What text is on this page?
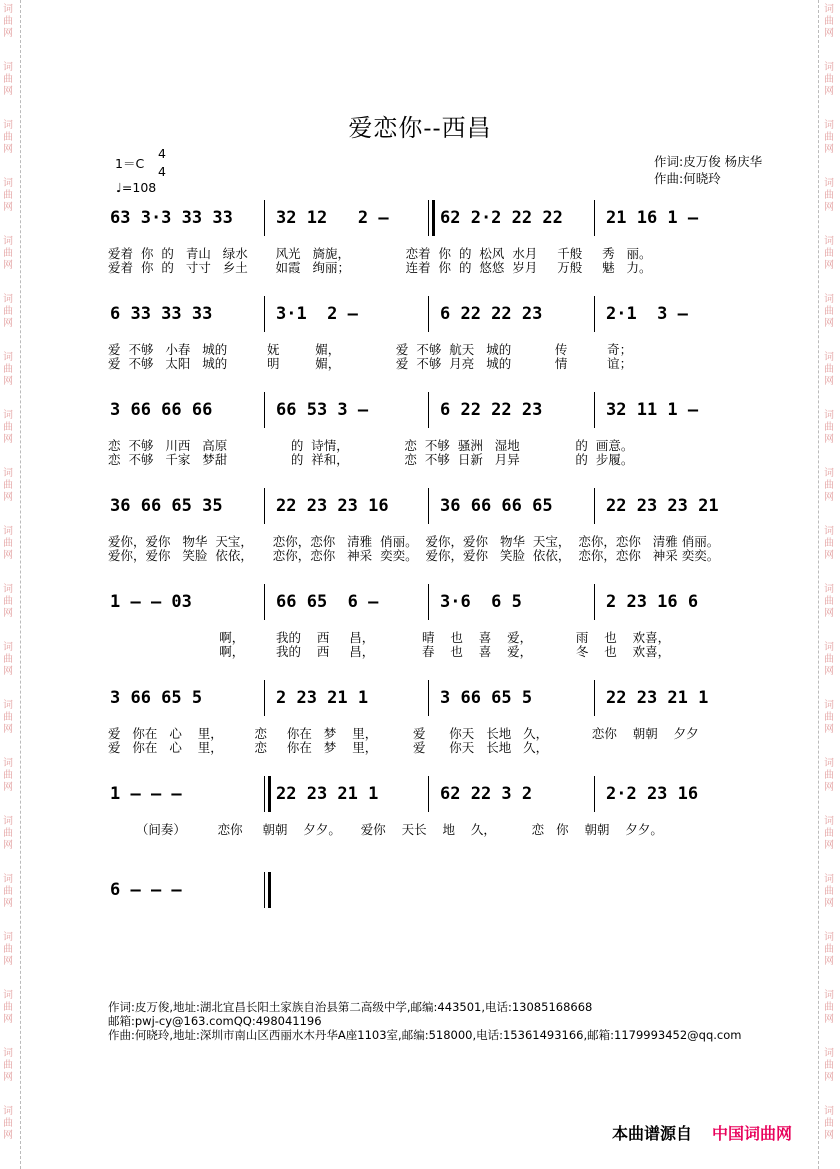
词曲网
词曲网
词曲网
词曲网
词曲网
词曲网
词曲网
词曲网
词曲网
词曲网
词曲网
词曲网
词曲网
词曲网
词曲网
词曲网
词曲网
词曲网
词曲网
词曲网
词曲网
词曲网
词曲网
词曲网
词曲网
词曲网
词曲网
词曲网
词曲网
词曲网
词曲网
词曲网
词曲网
词曲网
词曲网
词曲网
词曲网
词曲网
词曲网
词曲网
爱恋你--西昌
1＝C
4
4
♩=108
作词:皮万俊 杨庆华
作曲:何晓玲
63 3·3 33 33	32 12   2 –	62 2·2 22 22	21 16 1 –
爱着  你  的   青山   绿水       风光   旖旎，              恋着  你  的  松风  水月     千般     秀   丽。
爱着  你  的   寸寸   乡土       如霞   绚丽；              连着  你  的  悠悠  岁月     万般     魅   力。
6 33 33 33	3·1  2 –	6 22 22 23	2·1  3 –
爱  不够   小春   城的          妩         媚，              爱  不够  航天   城的           传          奇；
爱  不够   太阳   城的          明         媚，              爱  不够  月亮   城的           情          谊；
3 66 66 66	66 53 3 –	6 22 22 23	32 11 1 –
恋  不够   川西   高原                的  诗情，              恋  不够  骚洲   湿地              的  画意。
恋  不够   千家   梦甜                的  祥和，              恋  不够  日新   月异              的  步履。
36 66 65 35	22 23 23 16	36 66 66 65	22 23 23 21
爱你，爱你   物华  天宝，     恋你，恋你   清雅  俏丽。  爱你，爱你   物华  天宝，  恋你，恋你   清雅 俏丽。
爱你，爱你   笑脸  依依，     恋你，恋你   神采  奕奕。  爱你，爱你   笑脸  依依，  恋你，恋你   神采 奕奕。
1 – – 03	66 65  6 –	3·6  6 5	2 23 16 6
啊，        我的    西     昌，            晴    也    喜    爱，           雨    也    欢喜，
啊，        我的    西     昌，            春    也    喜    爱，           冬    也    欢喜，
3 66 65 5	2 23 21 1	3 66 65 5	22 23 21 1
爱   你在   心    里，        恋     你在   梦    里，         爱      你天   长地   久，           恋你    朝朝    夕夕
爱   你在   心    里，        恋     你在   梦    里，         爱      你天   长地   久，
1 – – –	22 23 21 1	62 22 3 2	2·2 23 16
（间奏）        恋你     朝朝    夕夕。     爱你    天长    地    久，         恋   你    朝朝    夕夕。
6 – – –
作词:皮万俊,地址:湖北宜昌长阳土家族自治县第二高级中学,邮编:443501,电话:13085168668
邮箱:pwj-cy@163.comQQ:498041196
作曲:何晓玲,地址:深圳市南山区西丽水木丹华A座1103室,邮编:518000,电话:15361493166,邮箱:1179993452@qq.com
本曲谱源自 中国词曲网
